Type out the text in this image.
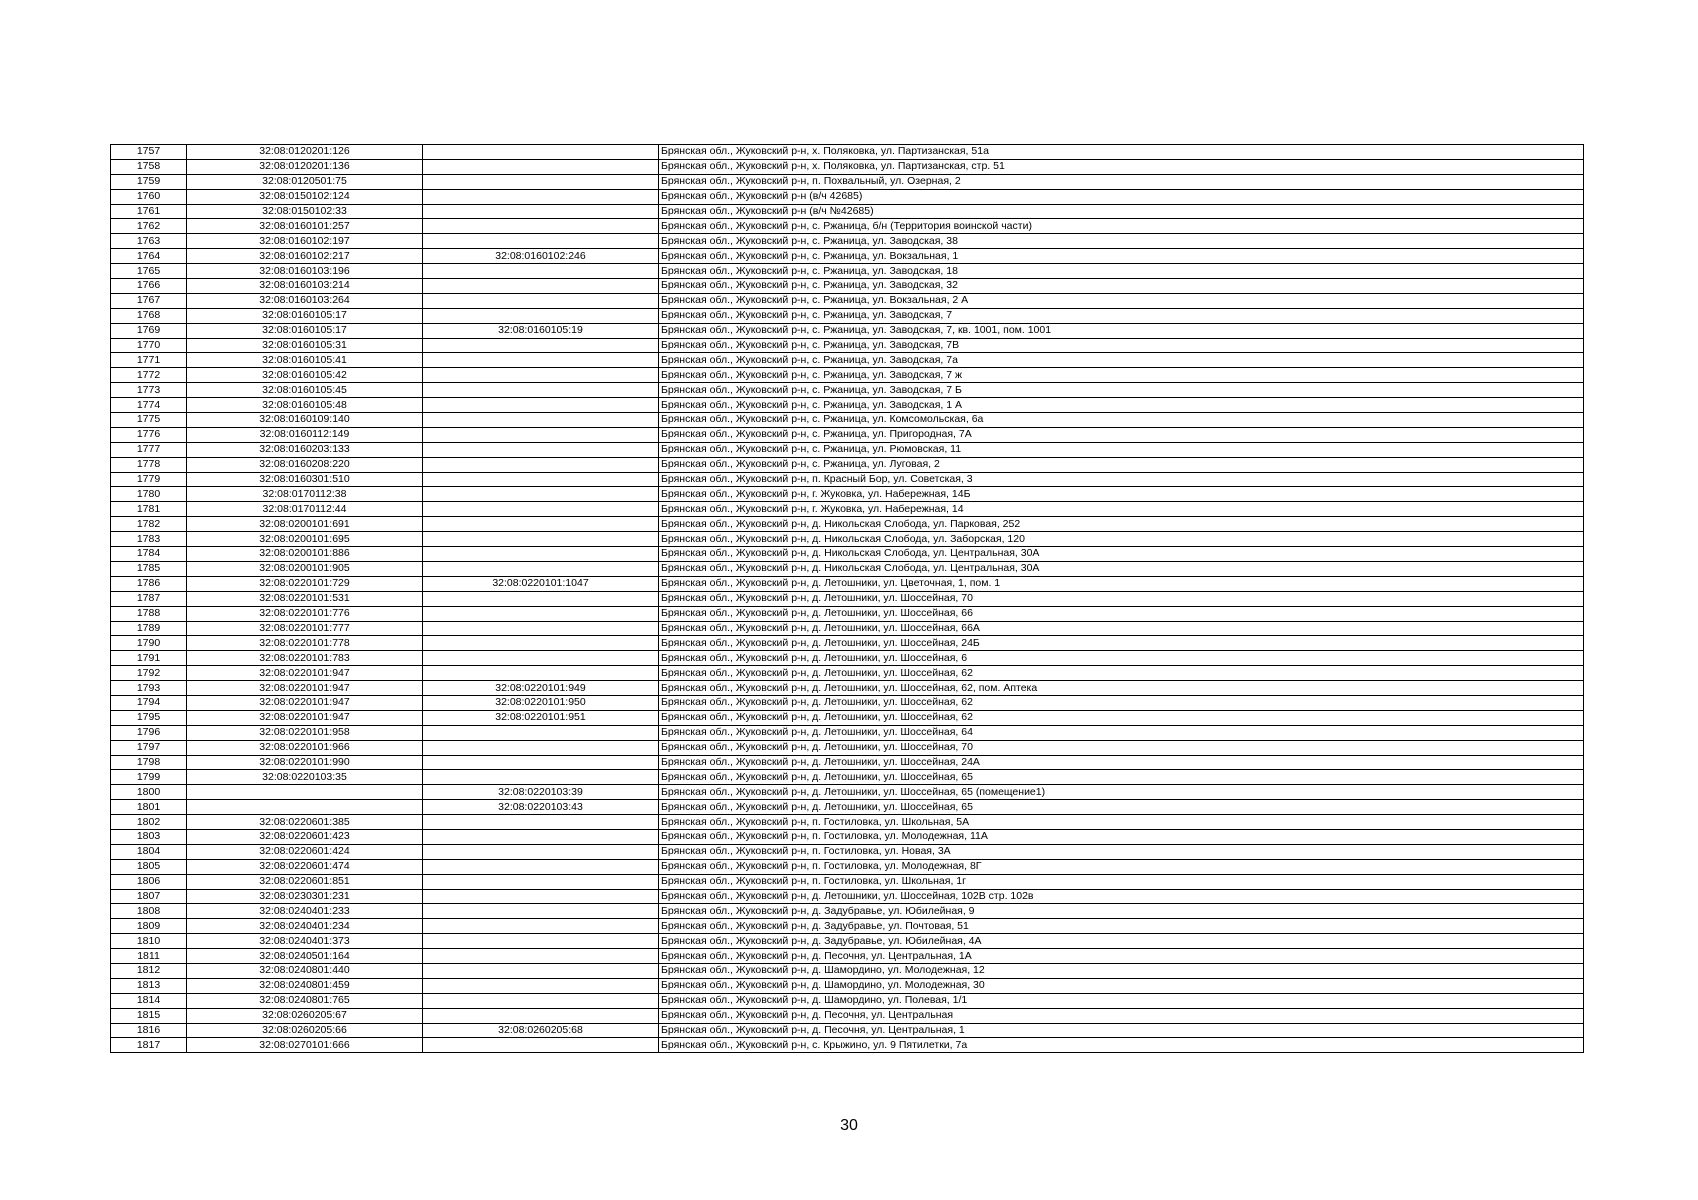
1757	32:08:0120201:126		Брянская обл., Жуковский р-н, х. Поляковка, ул. Партизанская, 51а
1758	32:08:0120201:136		Брянская обл., Жуковский р-н, х. Поляковка, ул. Партизанская, стр. 51
1759	32:08:0120501:75		Брянская обл., Жуковский р-н, п. Похвальный, ул. Озерная, 2
1760	32:08:0150102:124		Брянская обл., Жуковский р-н (в/ч 42685)
1761	32:08:0150102:33		Брянская обл., Жуковский р-н (в/ч №42685)
1762	32:08:0160101:257		Брянская обл., Жуковский р-н, с. Ржаница, б/н (Территория воинской части)
1763	32:08:0160102:197		Брянская обл., Жуковский р-н, с. Ржаница, ул. Заводская, 38
1764	32:08:0160102:217	32:08:0160102:246	Брянская обл., Жуковский р-н, с. Ржаница, ул. Вокзальная, 1
1765	32:08:0160103:196		Брянская обл., Жуковский р-н, с. Ржаница, ул. Заводская, 18
1766	32:08:0160103:214		Брянская обл., Жуковский р-н, с. Ржаница, ул. Заводская, 32
1767	32:08:0160103:264		Брянская обл., Жуковский р-н, с. Ржаница, ул. Вокзальная, 2 А
1768	32:08:0160105:17		Брянская обл., Жуковский р-н, с. Ржаница, ул. Заводская, 7
1769	32:08:0160105:17	32:08:0160105:19	Брянская обл., Жуковский р-н, с. Ржаница, ул. Заводская, 7, кв. 1001, пом. 1001
1770	32:08:0160105:31		Брянская обл., Жуковский р-н, с. Ржаница, ул. Заводская, 7В
1771	32:08:0160105:41		Брянская обл., Жуковский р-н, с. Ржаница, ул. Заводская, 7а
1772	32:08:0160105:42		Брянская обл., Жуковский р-н, с. Ржаница, ул. Заводская, 7 ж
1773	32:08:0160105:45		Брянская обл., Жуковский р-н, с. Ржаница, ул. Заводская, 7 Б
1774	32:08:0160105:48		Брянская обл., Жуковский р-н, с. Ржаница, ул. Заводская, 1 А
1775	32:08:0160109:140		Брянская обл., Жуковский р-н, с. Ржаница, ул. Комсомольская, 6а
1776	32:08:0160112:149		Брянская обл., Жуковский р-н, с. Ржаница, ул. Пригородная, 7А
1777	32:08:0160203:133		Брянская обл., Жуковский р-н, с. Ржаница, ул. Рюмовская, 11
1778	32:08:0160208:220		Брянская обл., Жуковский р-н, с. Ржаница, ул. Луговая, 2
1779	32:08:0160301:510		Брянская обл., Жуковский р-н, п. Красный Бор, ул. Советская, 3
1780	32:08:0170112:38		Брянская обл., Жуковский р-н, г. Жуковка, ул. Набережная, 14Б
1781	32:08:0170112:44		Брянская обл., Жуковский р-н, г. Жуковка, ул. Набережная, 14
1782	32:08:0200101:691		Брянская обл., Жуковский р-н, д. Никольская Слобода, ул. Парковая, 252
1783	32:08:0200101:695		Брянская обл., Жуковский р-н, д. Никольская Слобода, ул. Заборская, 120
1784	32:08:0200101:886		Брянская обл., Жуковский р-н, д. Никольская Слобода, ул. Центральная, 30А
1785	32:08:0200101:905		Брянская обл., Жуковский р-н, д. Никольская Слобода, ул. Центральная, 30А
1786	32:08:0220101:729	32:08:0220101:1047	Брянская обл., Жуковский р-н, д. Летошники, ул. Цветочная, 1, пом. 1
1787	32:08:0220101:531		Брянская обл., Жуковский р-н, д. Летошники, ул. Шоссейная, 70
1788	32:08:0220101:776		Брянская обл., Жуковский р-н, д. Летошники, ул. Шоссейная, 66
1789	32:08:0220101:777		Брянская обл., Жуковский р-н, д. Летошники, ул. Шоссейная, 66А
1790	32:08:0220101:778		Брянская обл., Жуковский р-н, д. Летошники, ул. Шоссейная, 24Б
1791	32:08:0220101:783		Брянская обл., Жуковский р-н, д. Летошники, ул. Шоссейная, 6
1792	32:08:0220101:947		Брянская обл., Жуковский р-н, д. Летошники, ул. Шоссейная, 62
1793	32:08:0220101:947	32:08:0220101:949	Брянская обл., Жуковский р-н, д. Летошники, ул. Шоссейная, 62, пом. Аптека
1794	32:08:0220101:947	32:08:0220101:950	Брянская обл., Жуковский р-н, д. Летошники, ул. Шоссейная, 62
1795	32:08:0220101:947	32:08:0220101:951	Брянская обл., Жуковский р-н, д. Летошники, ул. Шоссейная, 62
1796	32:08:0220101:958		Брянская обл., Жуковский р-н, д. Летошники, ул. Шоссейная, 64
1797	32:08:0220101:966		Брянская обл., Жуковский р-н, д. Летошники, ул. Шоссейная, 70
1798	32:08:0220101:990		Брянская обл., Жуковский р-н, д. Летошники, ул. Шоссейная, 24А
1799	32:08:0220103:35		Брянская обл., Жуковский р-н, д. Летошники, ул. Шоссейная, 65
1800		32:08:0220103:39	Брянская обл., Жуковский р-н, д. Летошники, ул. Шоссейная, 65 (помещение1)
1801		32:08:0220103:43	Брянская обл., Жуковский р-н, д. Летошники, ул. Шоссейная, 65
1802	32:08:0220601:385		Брянская обл., Жуковский р-н, п. Гостиловка, ул. Школьная, 5А
1803	32:08:0220601:423		Брянская обл., Жуковский р-н, п. Гостиловка, ул. Молодежная, 11А
1804	32:08:0220601:424		Брянская обл., Жуковский р-н, п. Гостиловка, ул. Новая, 3А
1805	32:08:0220601:474		Брянская обл., Жуковский р-н, п. Гостиловка, ул. Молодежная, 8Г
1806	32:08:0220601:851		Брянская обл., Жуковский р-н, п. Гостиловка, ул. Школьная, 1г
1807	32:08:0230301:231		Брянская обл., Жуковский р-н, д. Летошники, ул. Шоссейная, 102В стр. 102в
1808	32:08:0240401:233		Брянская обл., Жуковский р-н, д. Задубравье, ул. Юбилейная, 9
1809	32:08:0240401:234		Брянская обл., Жуковский р-н, д. Задубравье, ул. Почтовая, 51
1810	32:08:0240401:373		Брянская обл., Жуковский р-н, д. Задубравье, ул. Юбилейная, 4А
1811	32:08:0240501:164		Брянская обл., Жуковский р-н, д. Песочня, ул. Центральная, 1А
1812	32:08:0240801:440		Брянская обл., Жуковский р-н, д. Шамордино, ул. Молодежная, 12
1813	32:08:0240801:459		Брянская обл., Жуковский р-н, д. Шамордино, ул. Молодежная, 30
1814	32:08:0240801:765		Брянская обл., Жуковский р-н, д. Шамордино, ул. Полевая, 1/1
1815	32:08:0260205:67		Брянская обл., Жуковский р-н, д. Песочня, ул. Центральная
1816	32:08:0260205:66	32:08:0260205:68	Брянская обл., Жуковский р-н, д. Песочня, ул. Центральная, 1
1817	32:08:0270101:666		Брянская обл., Жуковский р-н, с. Крыжино, ул. 9 Пятилетки, 7а
30
